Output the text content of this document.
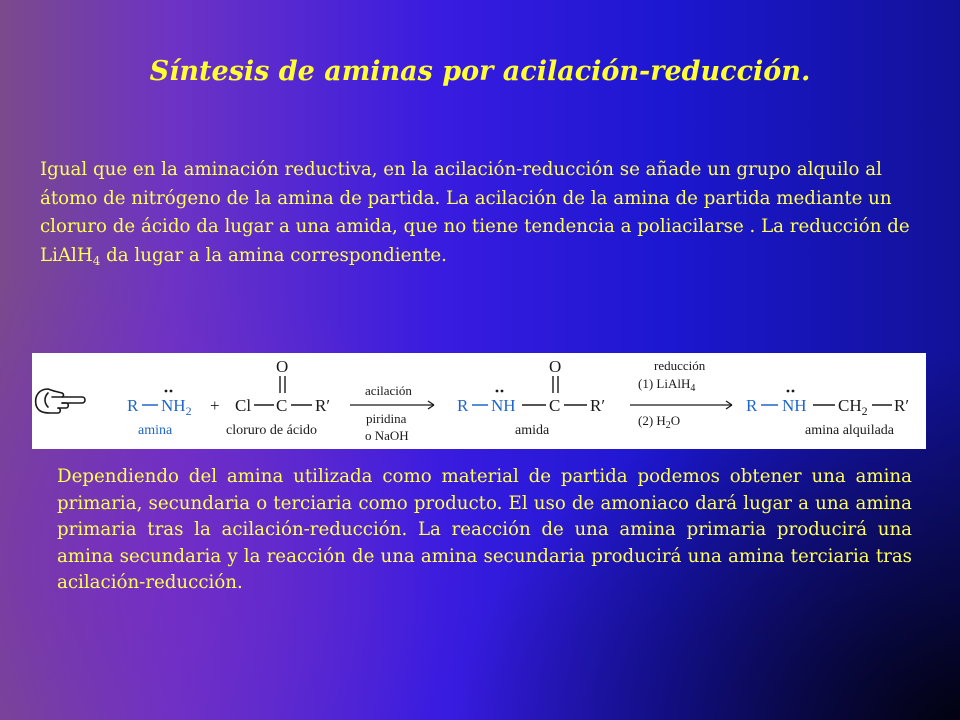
Síntesis de aminas por acilación-reducción.

Igual que en la aminación reductiva, en la acilación-reducción se añade un grupo alquilo al átomo de nitrógeno de la amina de partida. La acilación de la amina de partida mediante un cloruro de ácido da lugar a una amida, que no tiene tendencia a poliacilarse . La reducción de LiAlH$_4$ da lugar a la amina correspondiente.

R $NH_2$
amina
+ Cl C
O
R′
cloruro de ácido
acilación
piridina
o NaOH
R NH C
O
R′
amida
reducción
(1) LiAlH$_4$
(2) $H_2O$
R NH $CH_2$ R′
amina alquilada

Dependiendo del amina utilizada como material de partida podemos obtener una amina primaria, secundaria o terciaria como producto. El uso de amoniaco dará lugar a una amina primaria tras la acilación-reducción. La reacción de una amina primaria producirá una amina secundaria y la reacción de una amina secundaria producirá una amina terciaria tras acilación-reducción.
